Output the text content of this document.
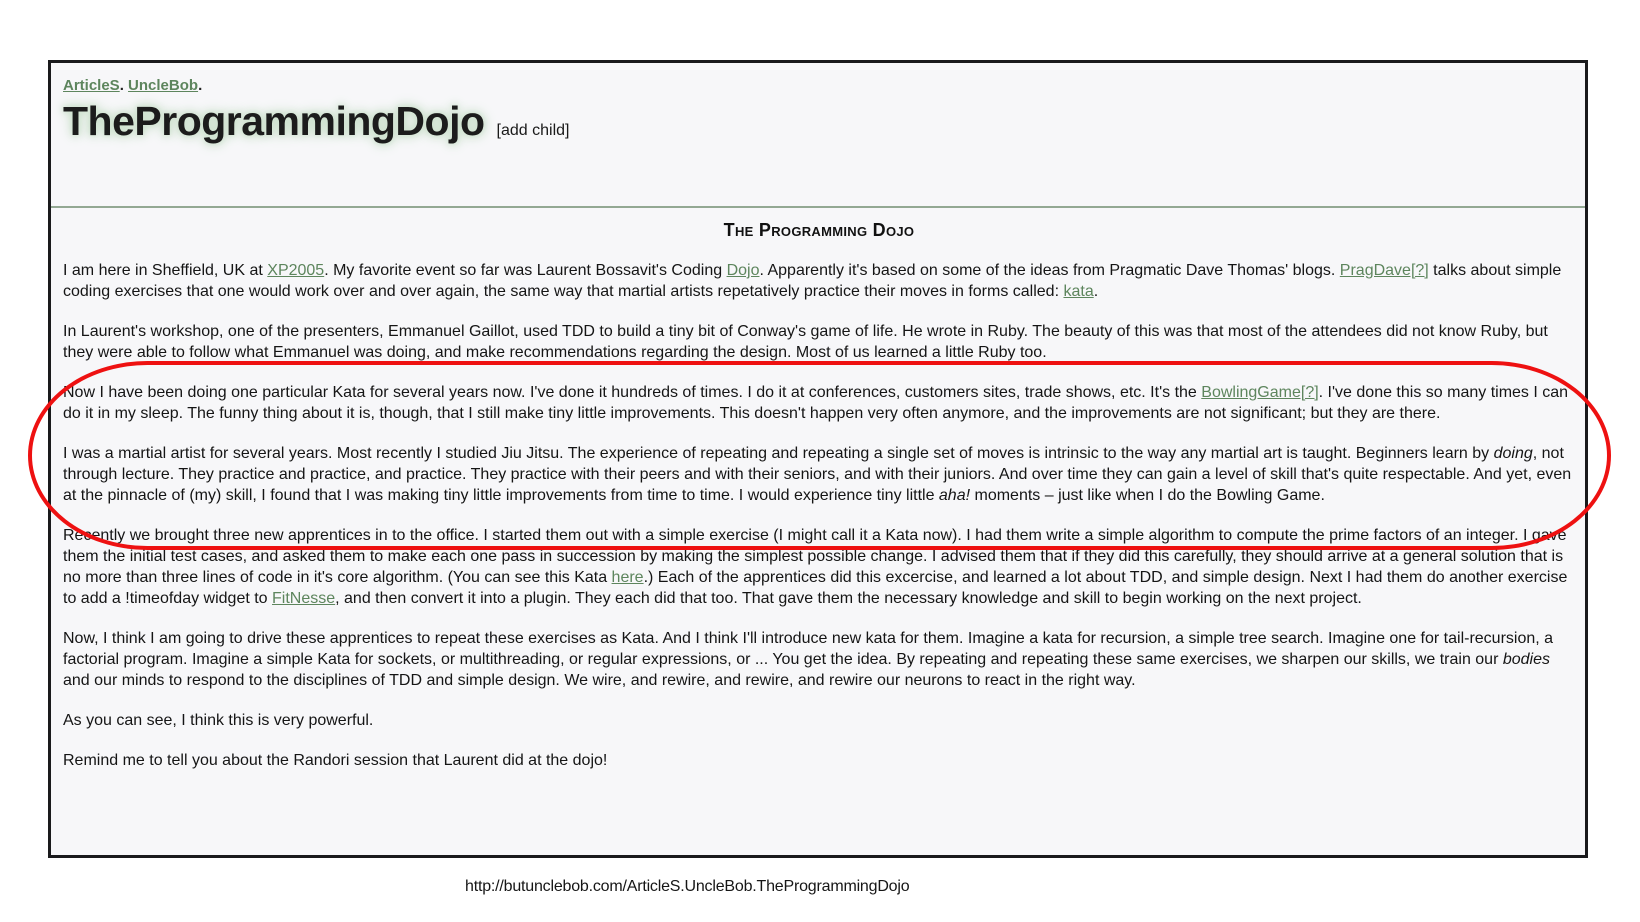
ArticleS. UncleBob.
TheProgrammingDojo [add child]
The Programming Dojo

I am here in Sheffield, UK at XP2005. My favorite event so far was Laurent Bossavit's Coding Dojo. Apparently it's based on some of the ideas from Pragmatic Dave Thomas' blogs. PragDave[?] talks about simple coding exercises that one would work over and over again, the same way that martial artists repetatively practice their moves in forms called: kata.

In Laurent's workshop, one of the presenters, Emmanuel Gaillot, used TDD to build a tiny bit of Conway's game of life. He wrote in Ruby. The beauty of this was that most of the attendees did not know Ruby, but they were able to follow what Emmanuel was doing, and make recommendations regarding the design. Most of us learned a little Ruby too.

Now I have been doing one particular Kata for several years now. I've done it hundreds of times. I do it at conferences, customers sites, trade shows, etc. It's the BowlingGame[?]. I've done this so many times I can do it in my sleep. The funny thing about it is, though, that I still make tiny little improvements. This doesn't happen very often anymore, and the improvements are not significant; but they are there.

I was a martial artist for several years. Most recently I studied Jiu Jitsu. The experience of repeating and repeating a single set of moves is intrinsic to the way any martial art is taught. Beginners learn by doing, not through lecture. They practice and practice, and practice. They practice with their peers and with their seniors, and with their juniors. And over time they can gain a level of skill that's quite respectable. And yet, even at the pinnacle of (my) skill, I found that I was making tiny little improvements from time to time. I would experience tiny little aha! moments – just like when I do the Bowling Game.

Recently we brought three new apprentices in to the office. I started them out with a simple exercise (I might call it a Kata now). I had them write a simple algorithm to compute the prime factors of an integer. I gave them the initial test cases, and asked them to make each one pass in succession by making the simplest possible change. I advised them that if they did this carefully, they should arrive at a general solution that is no more than three lines of code in it's core algorithm. (You can see this Kata here.) Each of the apprentices did this excercise, and learned a lot about TDD, and simple design. Next I had them do another exercise to add a !timeofday widget to FitNesse, and then convert it into a plugin. They each did that too. That gave them the necessary knowledge and skill to begin working on the next project.

Now, I think I am going to drive these apprentices to repeat these exercises as Kata. And I think I'll introduce new kata for them. Imagine a kata for recursion, a simple tree search. Imagine one for tail-recursion, a factorial program. Imagine a simple Kata for sockets, or multithreading, or regular expressions, or ... You get the idea. By repeating and repeating these same exercises, we sharpen our skills, we train our bodies and our minds to respond to the disciplines of TDD and simple design. We wire, and rewire, and rewire, and rewire our neurons to react in the right way.

As you can see, I think this is very powerful.

Remind me to tell you about the Randori session that Laurent did at the dojo!

http://butunclebob.com/ArticleS.UncleBob.TheProgrammingDojo
